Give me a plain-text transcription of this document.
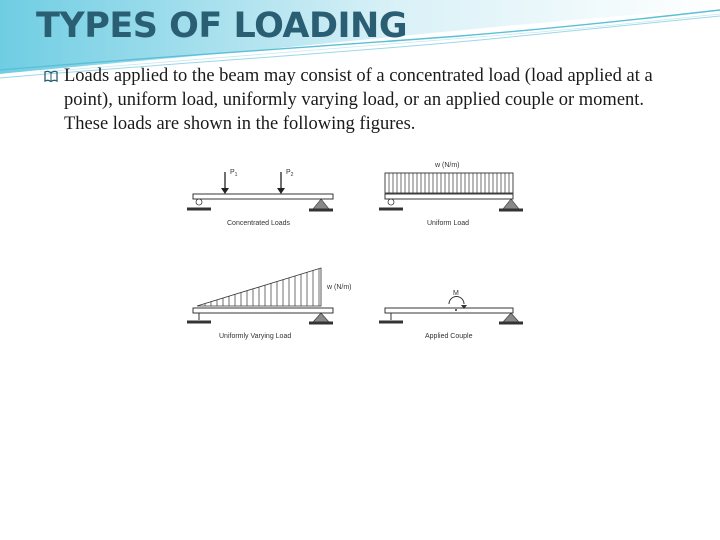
TYPES OF LOADING

Loads applied to the beam may consist of a concentrated load (load applied at a point), uniform load, uniformly varying load, or an applied couple or moment. These loads are shown in the following figures.

$P_1$	$P_2$
Concentrated Loads
w (N/m)
Uniform Load
w (N/m)
Uniformly Varying Load
M
Applied Couple
